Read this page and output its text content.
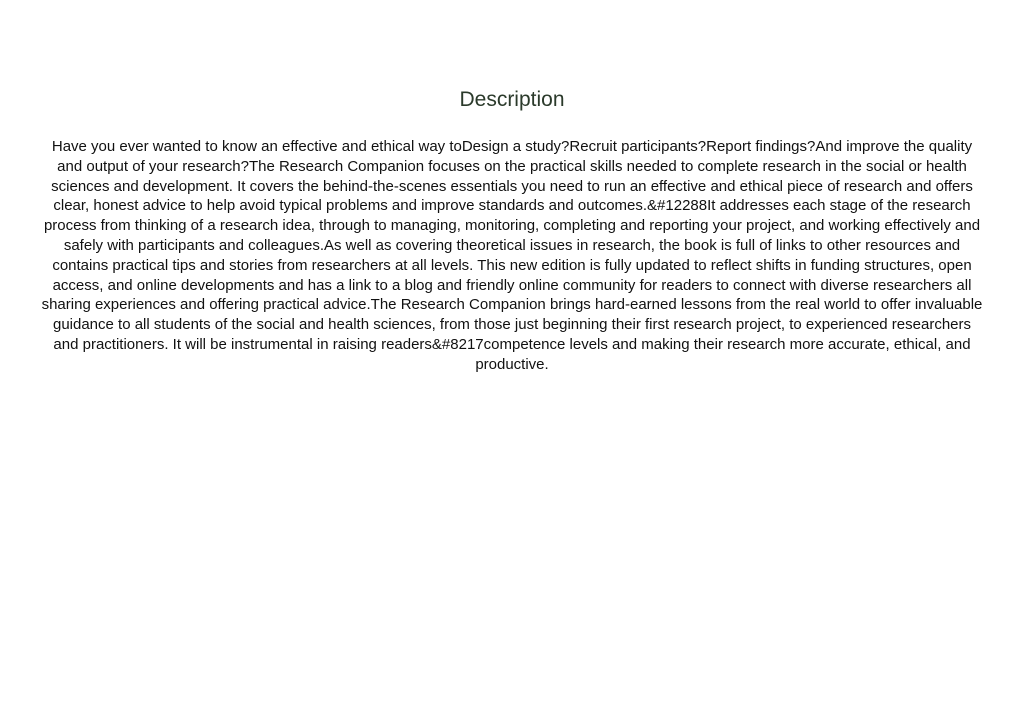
Description

Have you ever wanted to know an effective and ethical way toDesign a study?Recruit participants?Report findings?And improve the quality and output of your research?The Research Companion focuses on the practical skills needed to complete research in the social or health sciences and development. It covers the behind-the-scenes essentials you need to run an effective and ethical piece of research and offers clear, honest advice to help avoid typical problems and improve standards and outcomes.&#12288It addresses each stage of the research process from thinking of a research idea, through to managing, monitoring, completing and reporting your project, and working effectively and safely with participants and colleagues.As well as covering theoretical issues in research, the book is full of links to other resources and contains practical tips and stories from researchers at all levels. This new edition is fully updated to reflect shifts in funding structures, open access, and online developments and has a link to a blog and friendly online community for readers to connect with diverse researchers all sharing experiences and offering practical advice.The Research Companion brings hard-earned lessons from the real world to offer invaluable guidance to all students of the social and health sciences, from those just beginning their first research project, to experienced researchers and practitioners. It will be instrumental in raising readers&#8217competence levels and making their research more accurate, ethical, and productive.
